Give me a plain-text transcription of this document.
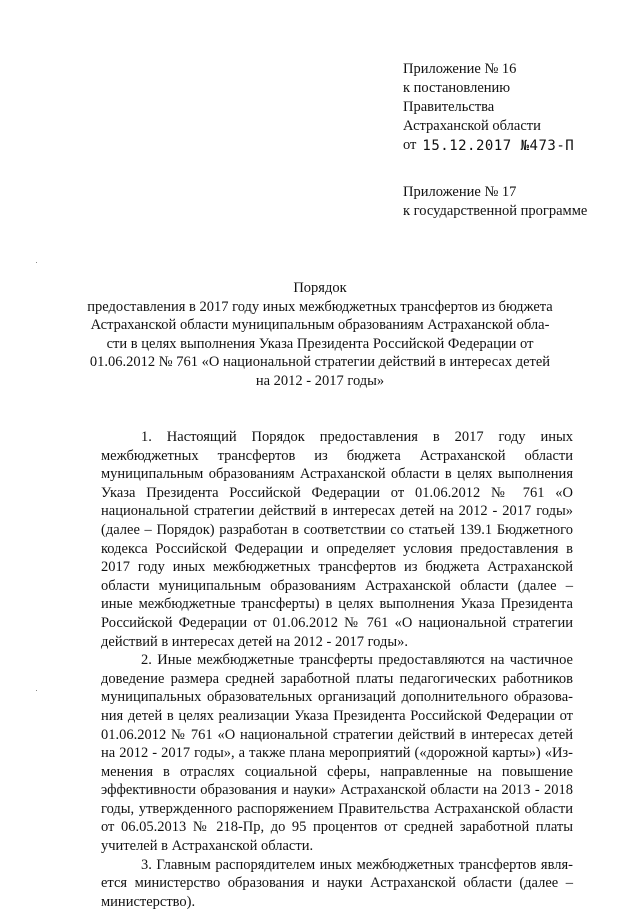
Приложение № 16
к постановлению
Правительства
Астраханской области
от 15.12.2017 №473-П
Приложение № 17
к государственной программе
Порядок
предоставления в 2017 году иных межбюджетных трансфертов из бюджета
Астраханской области муниципальным образованиям Астраханской обла-
сти в целях выполнения Указа Президента Российской Федерации от
01.06.2012 № 761 «О национальной стратегии действий в интересах детей
на 2012 - 2017 годы»

1. Настоящий Порядок предоставления в 2017 году иных межбюджетных трансфертов из бюджета Астраханской области муниципальным образованиям Астраханской области в целях выполнения Указа Президента Российской Федерации от 01.06.2012 № 761 «О национальной стратегии действий в интересах детей на 2012 - 2017 годы» (далее – Порядок) разработан в соответствии со статьей 139.1 Бюджетного кодекса Российской Федерации и определяет условия предоставления в 2017 году иных межбюджетных трансфертов из бюджета Астраханской области муниципальным образованиям Астраханской области (далее – иные межбюджетные трансферты) в целях выполнения Указа Президента Российской Федерации от 01.06.2012 № 761 «О национальной стратегии действий в интересах детей на 2012 - 2017 годы».

2. Иные межбюджетные трансферты предоставляются на частичное доведение размера средней заработной платы педагогических работников муниципальных образовательных организаций дополнительного образования детей в целях реализации Указа Президента Российской Федерации от 01.06.2012 № 761 «О национальной стратегии действий в интересах детей на 2012 - 2017 годы», а также плана мероприятий («дорожной карты») «Изменения в отраслях социальной сферы, направленные на повышение эффективности образования и науки» Астраханской области на 2013 - 2018 годы, утвержденного распоряжением Правительства Астраханской области от 06.05.2013 № 218-Пр, до 95 процентов от средней заработной платы учителей в Астраханской области.

3. Главным распорядителем иных межбюджетных трансфертов является министерство образования и науки Астраханской области (далее – министерство).
